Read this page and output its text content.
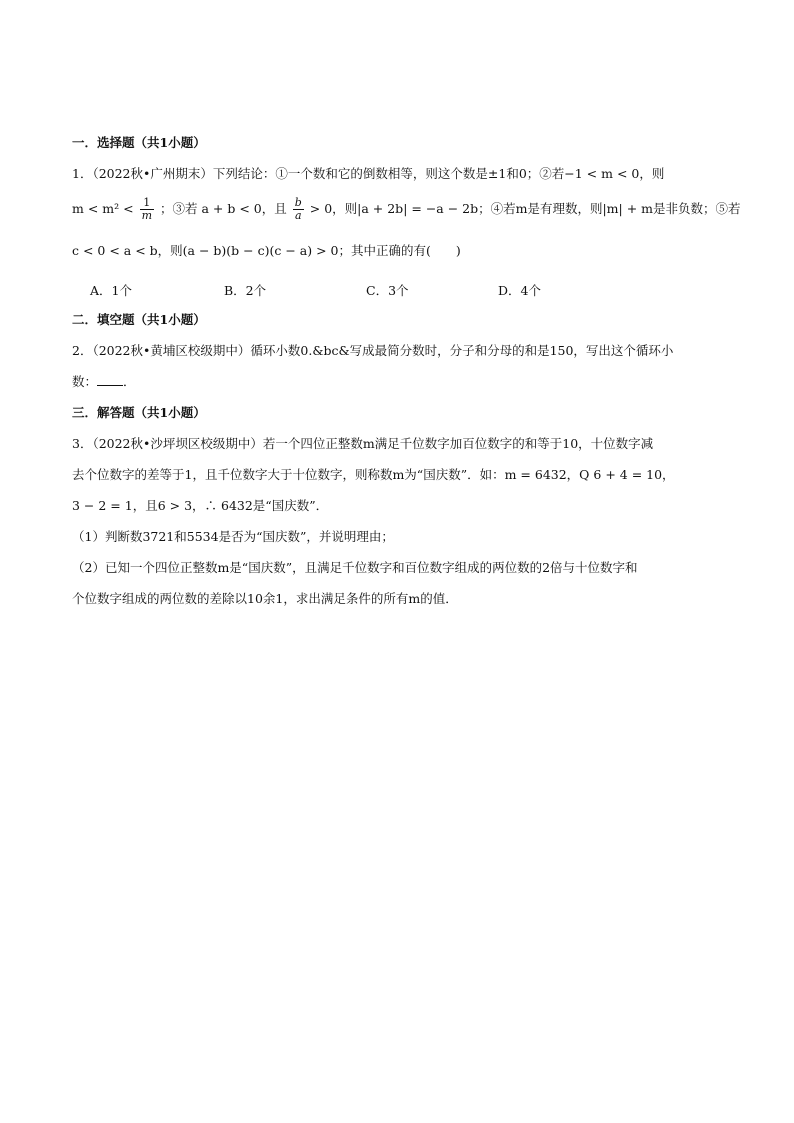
一．选择题（共1小题）
1．（2022秋•广州期末）下列结论：①一个数和它的倒数相等，则这个数是±1和0；②若−1 < m < 0，则
$m < m^2 < \frac{1}{m}$ ；③若 a + b < 0，且 $\frac{b}{a} > 0$，则|a + 2b| = −a − 2b；④若m是有理数，则|m| + m是非负数；⑤若
c < 0 < a < b，则(a − b)(b − c)(c − a) > 0；其中正确的有(　　)
A．1个	B．2个	C．3个	D．4个
二．填空题（共1小题）
2．（2022秋•黄埔区校级期中）循环小数0.&bc&写成最简分数时，分子和分母的和是150，写出这个循环小
数： ．
三．解答题（共1小题）
3．（2022秋•沙坪坝区校级期中）若一个四位正整数m满足千位数字加百位数字的和等于10，十位数字减
去个位数字的差等于1，且千位数字大于十位数字，则称数m为“国庆数”．如：m = 6432，Q 6 + 4 = 10，
3 − 2 = 1，且6 > 3，∴ 6432是“国庆数”．
（1）判断数3721和5534是否为“国庆数”，并说明理由；
（2）已知一个四位正整数m是“国庆数”，且满足千位数字和百位数字组成的两位数的2倍与十位数字和
个位数字组成的两位数的差除以10余1，求出满足条件的所有m的值．
